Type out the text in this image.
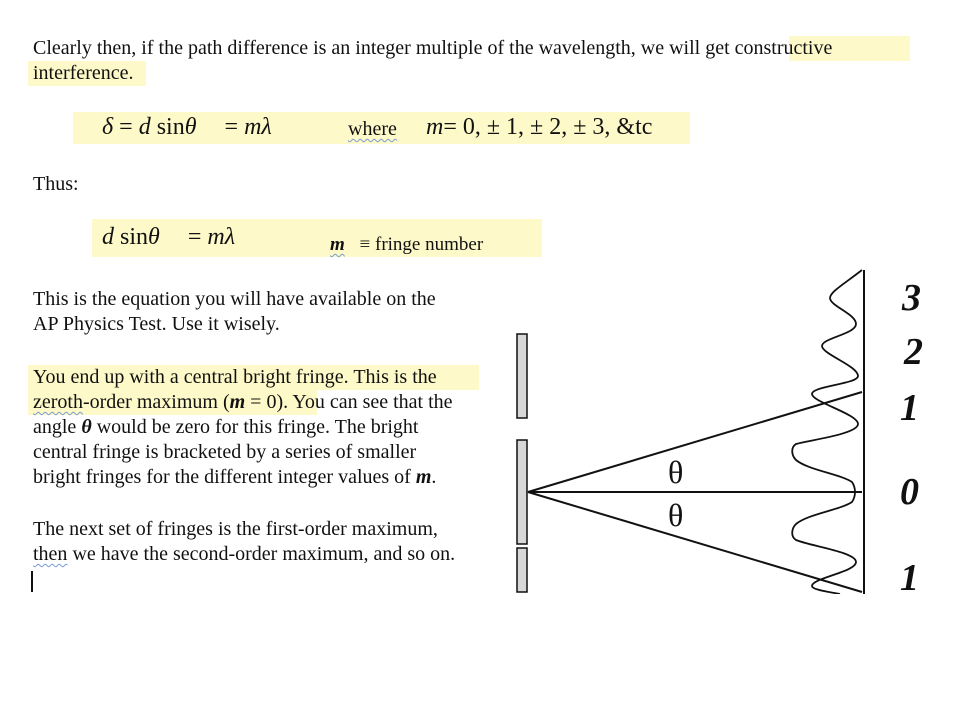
Clearly then, if the path difference is an integer multiple of the wavelength, we will get constructive
interference.
δ = d sinθ = mλ	where m= 0, ± 1, ± 2, ± 3, &tc
Thus:
d sinθ = mλ	m ≡ fringe number
This is the equation you will have available on the
AP Physics Test. Use it wisely.
You end up with a central bright fringe. This is the
zeroth-order maximum (m = 0). You can see that the
angle θ would be zero for this fringe. The bright
central fringe is bracketed by a series of smaller
bright fringes for the different integer values of m.
The next set of fringes is the first-order maximum,
then we have the second-order maximum, and so on.
θ
θ
3
2
1
0
1
